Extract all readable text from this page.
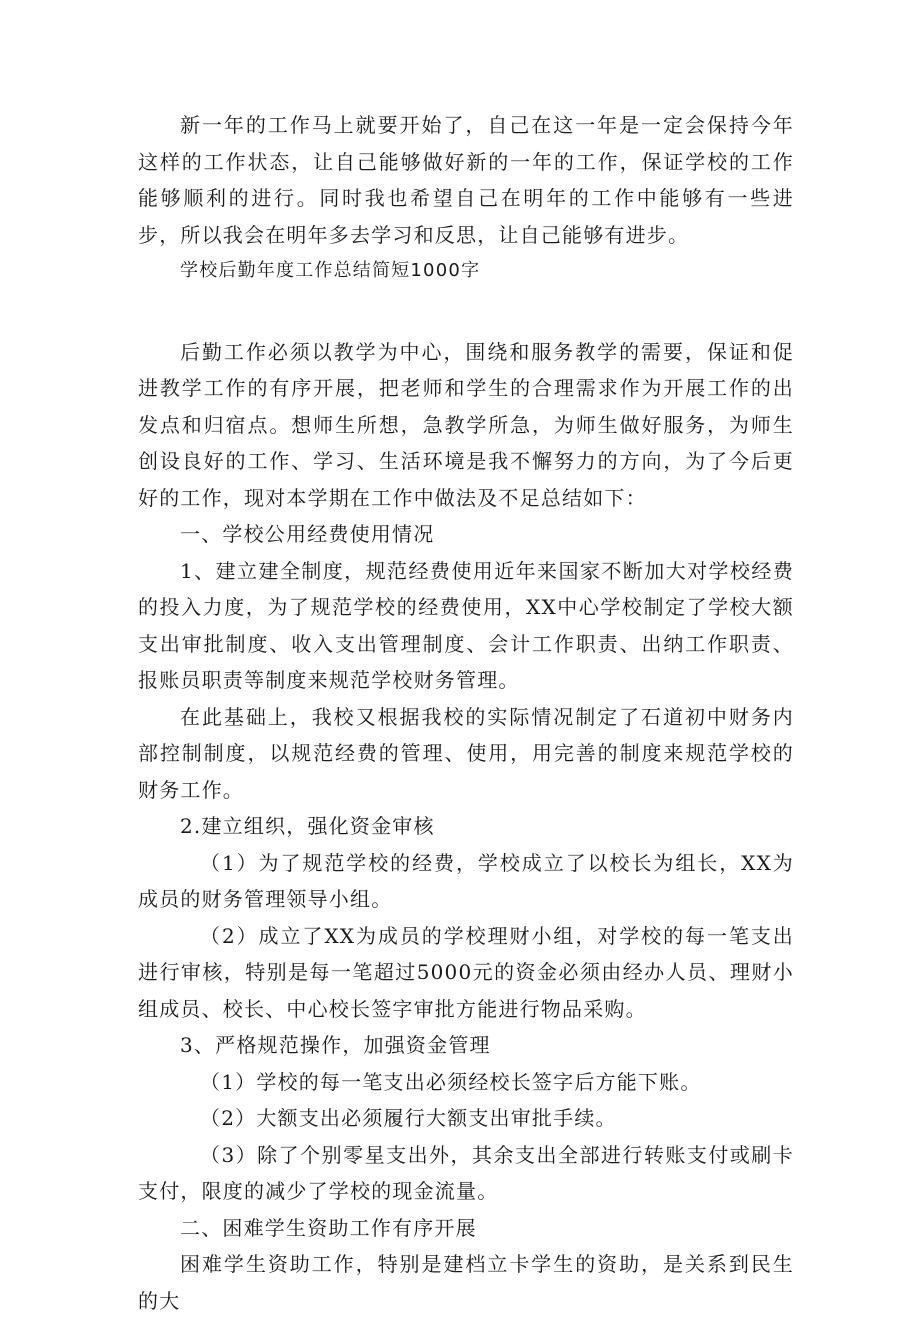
新一年的工作马上就要开始了，自己在这一年是一定会保持今年这样的工作状态，让自己能够做好新的一年的工作，保证学校的工作能够顺利的进行。同时我也希望自己在明年的工作中能够有一些进步，所以我会在明年多去学习和反思，让自己能够有进步。

学校后勤年度工作总结简短1000字

后勤工作必须以教学为中心，围绕和服务教学的需要，保证和促进教学工作的有序开展，把老师和学生的合理需求作为开展工作的出发点和归宿点。想师生所想，急教学所急，为师生做好服务，为师生创设良好的工作、学习、生活环境是我不懈努力的方向，为了今后更好的工作，现对本学期在工作中做法及不足总结如下：

一、学校公用经费使用情况

1、建立建全制度，规范经费使用近年来国家不断加大对学校经费的投入力度，为了规范学校的经费使用，XX中心学校制定了学校大额支出审批制度、收入支出管理制度、会计工作职责、出纳工作职责、报账员职责等制度来规范学校财务管理。

在此基础上，我校又根据我校的实际情况制定了石道初中财务内部控制制度，以规范经费的管理、使用，用完善的制度来规范学校的财务工作。

2.建立组织，强化资金审核

（1）为了规范学校的经费，学校成立了以校长为组长，XX为成员的财务管理领导小组。

（2）成立了XX为成员的学校理财小组，对学校的每一笔支出进行审核，特别是每一笔超过5000元的资金必须由经办人员、理财小组成员、校长、中心校长签字审批方能进行物品采购。

3、严格规范操作，加强资金管理

（1）学校的每一笔支出必须经校长签字后方能下账。

（2）大额支出必须履行大额支出审批手续。

（3）除了个别零星支出外，其余支出全部进行转账支付或刷卡支付，限度的减少了学校的现金流量。

二、困难学生资助工作有序开展

困难学生资助工作，特别是建档立卡学生的资助，是关系到民生的大
